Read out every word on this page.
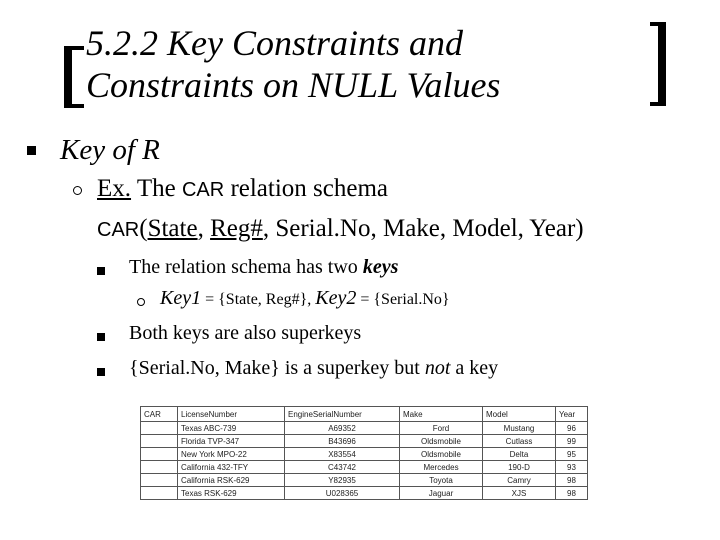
5.2.2 Key Constraints and
Constraints on NULL Values
Key of R
Ex. The CAR relation schema
CAR(State, Reg#, Serial.No, Make, Model, Year)
The relation schema has two keys
Key1 = {State, Reg#}, Key2 = {Serial.No}
Both keys are also superkeys
{Serial.No, Make} is a superkey but not a key
CAR	LicenseNumber	EngineSerialNumber	Make	Model	Year
	Texas ABC-739	A69352	Ford	Mustang	96
	Florida TVP-347	B43696	Oldsmobile	Cutlass	99
	New York MPO-22	X83554	Oldsmobile	Delta	95
	California 432-TFY	C43742	Mercedes	190-D	93
	California RSK-629	Y82935	Toyota	Camry	98
	Texas RSK-629	U028365	Jaguar	XJS	98
